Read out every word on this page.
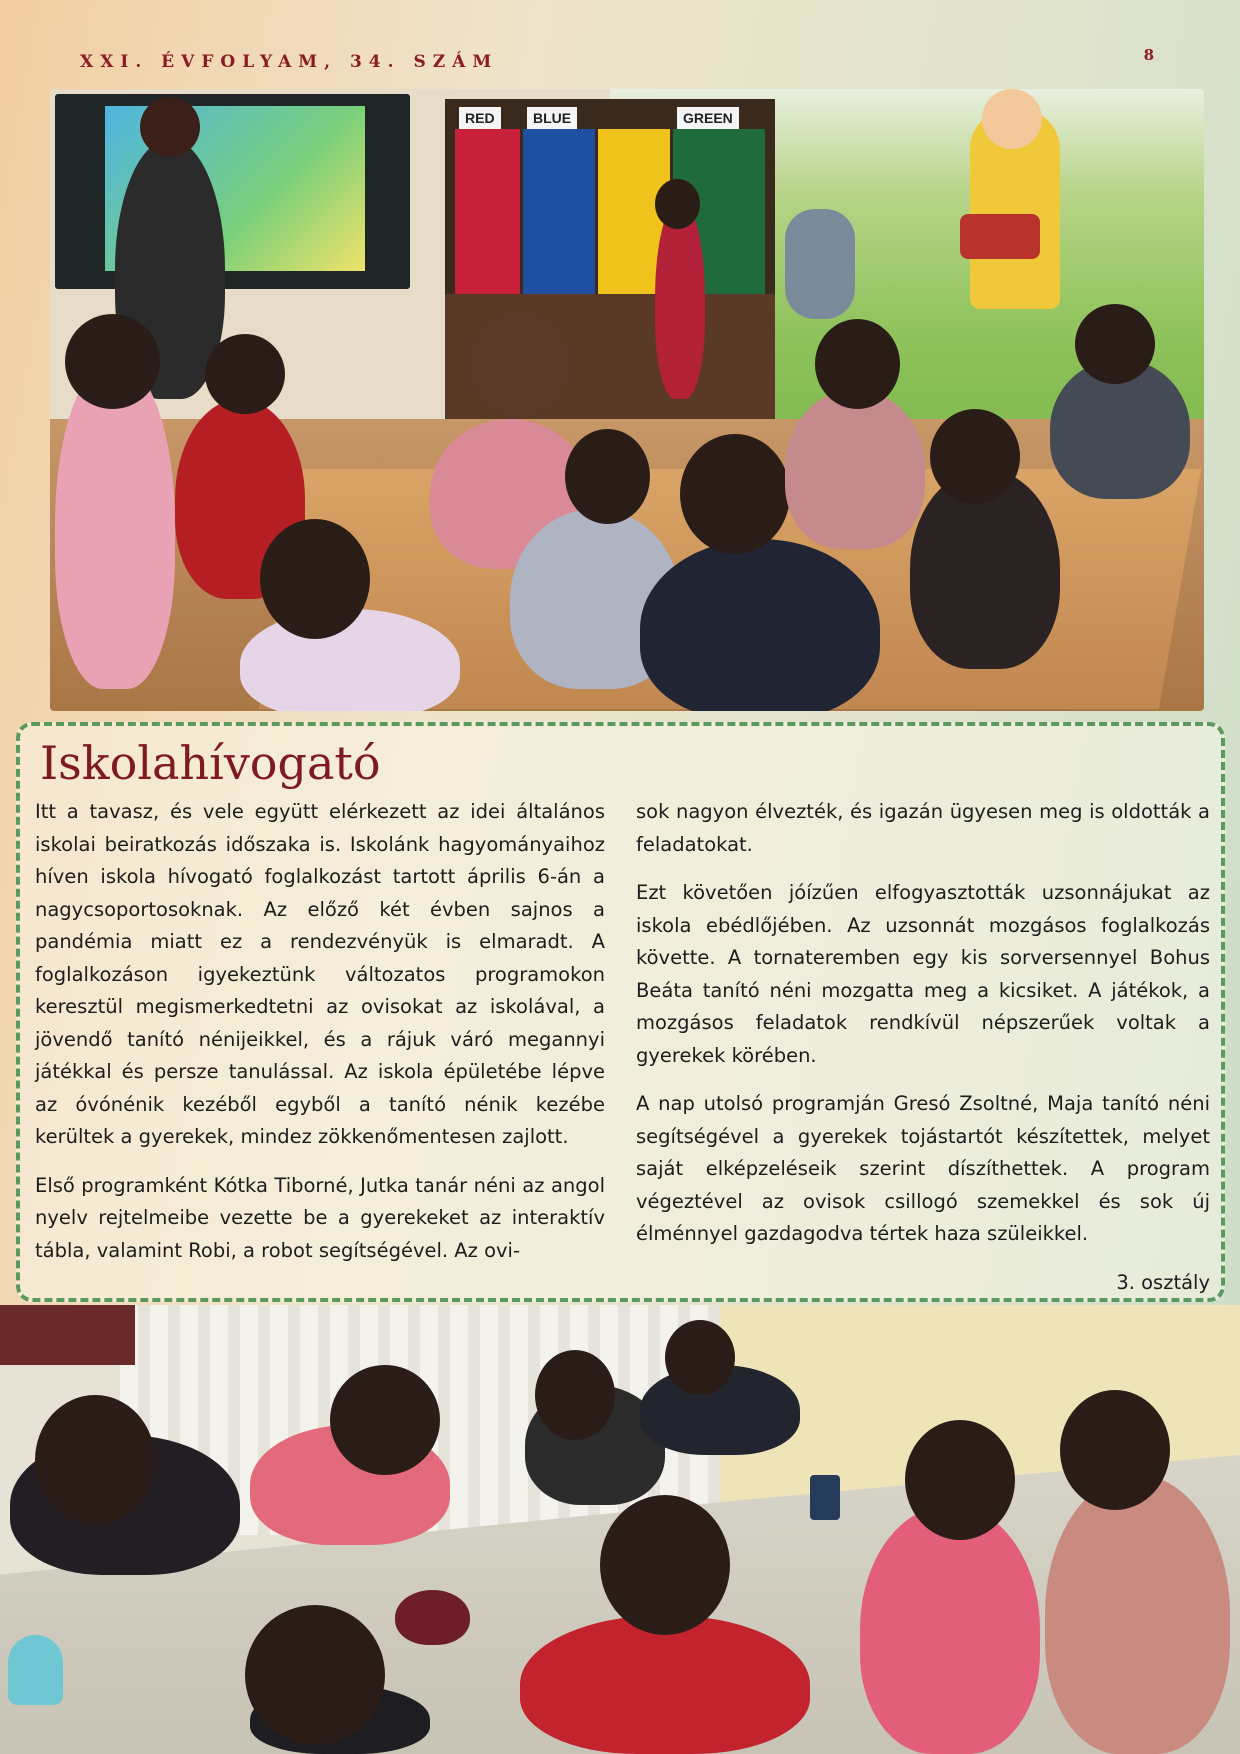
XXI. ÉVFOLYAM, 34. SZÁM	8
RED	BLUE	GREEN
Iskolahívogató

Itt a tavasz, és vele együtt elérkezett az idei általános iskolai beiratkozás időszaka is. Iskolánk hagyományaihoz híven iskola hívogató foglalkozást tartott április 6-án a nagycsoportosoknak. Az előző két évben sajnos a pandémia miatt ez a rendezvényük is elmaradt. A foglalkozáson igyekeztünk változatos programokon keresztül megismerkedtetni az ovisokat az iskolával, a jövendő tanító nénijeikkel, és a rájuk váró megannyi játékkal és persze tanulással. Az iskola épületébe lépve az óvónénik kezéből egyből a tanító nénik kezébe kerültek a gyerekek, mindez zökkenőmentesen zajlott.

Első programként Kótka Tiborné, Jutka tanár néni az angol nyelv rejtelmeibe vezette be a gyerekeket az interaktív tábla, valamint Robi, a robot segítségével. Az ovi-

sok nagyon élvezték, és igazán ügyesen meg is oldották a feladatokat.

Ezt követően jóízűen elfogyasztották uzsonnájukat az iskola ebédlőjében. Az uzsonnát mozgásos foglalkozás követte. A tornateremben egy kis sorversennyel Bohus Beáta tanító néni mozgatta meg a kicsiket. A játékok, a mozgásos feladatok rendkívül népszerűek voltak a gyerekek körében.

A nap utolsó programján Gresó Zsoltné, Maja tanító néni segítségével a gyerekek tojástartót készítettek, melyet saját elképzeléseik szerint díszíthettek. A program végeztével az ovisok csillogó szemekkel és sok új élménnyel gazdagodva tértek haza szüleikkel.

3. osztály
